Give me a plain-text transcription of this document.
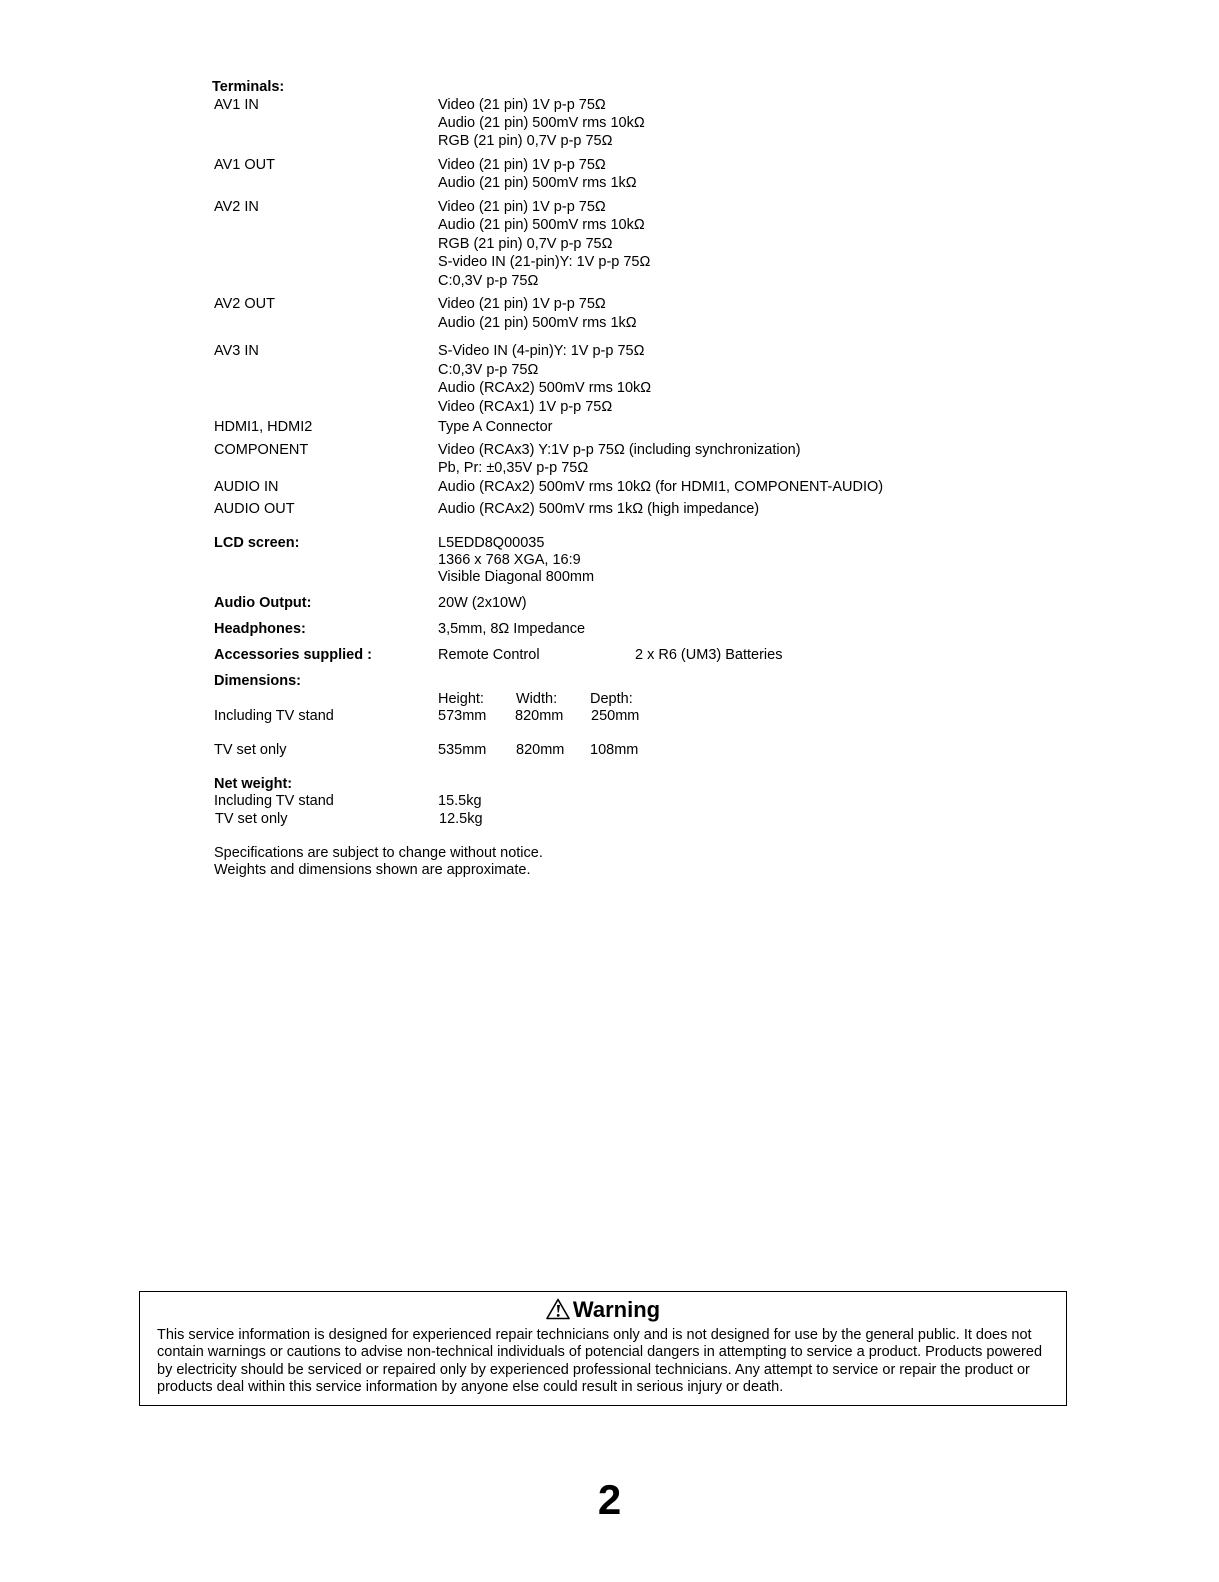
Terminals:
AV1 IN	Video (21 pin) 1V p-p 75Ω
Audio (21 pin) 500mV rms 10kΩ
RGB (21 pin) 0,7V p-p 75Ω
AV1 OUT	Video (21 pin) 1V p-p 75Ω
Audio (21 pin) 500mV rms 1kΩ
AV2 IN	Video (21 pin) 1V p-p 75Ω
Audio (21 pin) 500mV rms 10kΩ
RGB (21 pin) 0,7V p-p 75Ω
S-video IN (21-pin)Y: 1V p-p 75Ω
C:0,3V p-p 75Ω
AV2 OUT	Video (21 pin) 1V p-p 75Ω
Audio (21 pin) 500mV rms 1kΩ
AV3 IN	S-Video IN (4-pin)Y: 1V p-p 75Ω
C:0,3V p-p 75Ω
Audio (RCAx2) 500mV rms 10kΩ
Video (RCAx1) 1V p-p 75Ω
HDMI1, HDMI2	Type A Connector
COMPONENT	Video (RCAx3) Y:1V p-p 75Ω (including synchronization)
Pb, Pr: ±0,35V p-p 75Ω
AUDIO IN	Audio (RCAx2) 500mV rms 10kΩ (for HDMI1, COMPONENT-AUDIO)
AUDIO OUT	Audio (RCAx2) 500mV rms 1kΩ (high impedance)
LCD screen:	L5EDD8Q00035
1366 x 768 XGA, 16:9
Visible Diagonal 800mm
Audio Output:	20W (2x10W)
Headphones:	3,5mm, 8Ω Impedance
Accessories supplied :	Remote Control	2 x R6 (UM3) Batteries
Dimensions:
Height: Width: Depth:
Including TV stand	573mm 820mm 250mm
TV set only	535mm 820mm 108mm
Net weight:
Including TV stand	15.5kg
TV set only	12.5kg
Specifications are subject to change without notice.
Weights and dimensions shown are approximate.
Warning
This service information is designed for experienced repair technicians only and is not designed for use by the general public. It does not contain warnings or cautions to advise non-technical individuals of potencial dangers in attempting to service a product. Products powered by electricity should be serviced or repaired only by experienced professional technicians. Any attempt to service or repair the product or products deal within this service information by anyone else could result in serious injury or death.
2
